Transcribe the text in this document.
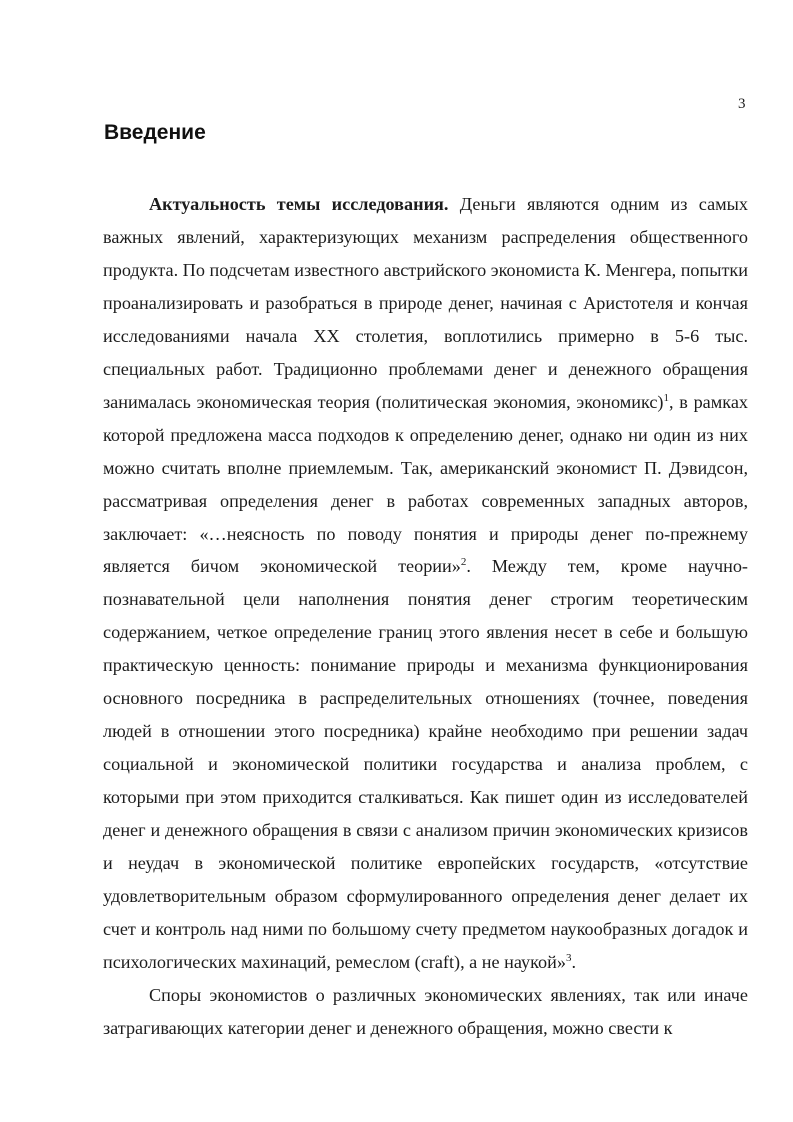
3
Введение

Актуальность темы исследования. Деньги являются одним из самых важных явлений, характеризующих механизм распределения общественного продукта. По подсчетам известного австрийского экономиста К. Менгера, попытки проанализировать и разобраться в природе денег, начиная с Аристотеля и кончая исследованиями начала XX столетия, воплотились примерно в 5-6 тыс. специальных работ. Традиционно проблемами денег и денежного обращения занималась экономическая теория (политическая экономия, экономикс)$^1$, в рамках которой предложена масса подходов к определению денег, однако ни один из них можно считать вполне приемлемым. Так, американский экономист П. Дэвидсон, рассматривая определения денег в работах современных западных авторов, заключает: «…неясность по поводу понятия и природы денег по-прежнему является бичом экономической теории»$^2$. Между тем, кроме научно-познавательной цели наполнения понятия денег строгим теоретическим содержанием, четкое определение границ этого явления несет в себе и большую практическую ценность: понимание природы и механизма функционирования основного посредника в распределительных отношениях (точнее, поведения людей в отношении этого посредника) крайне необходимо при решении задач социальной и экономической политики государства и анализа проблем, с которыми при этом приходится сталкиваться. Как пишет один из исследователей денег и денежного обращения в связи с анализом причин экономических кризисов и неудач в экономической политике европейских государств, «отсутствие удовлетворительным образом сформулированного определения денег делает их счет и контроль над ними по большому счету предметом наукообразных догадок и психологических махинаций, ремеслом (craft), а не наукой»$^3$.

Споры экономистов о различных экономических явлениях, так или иначе затрагивающих категории денег и денежного обращения, можно свести к
